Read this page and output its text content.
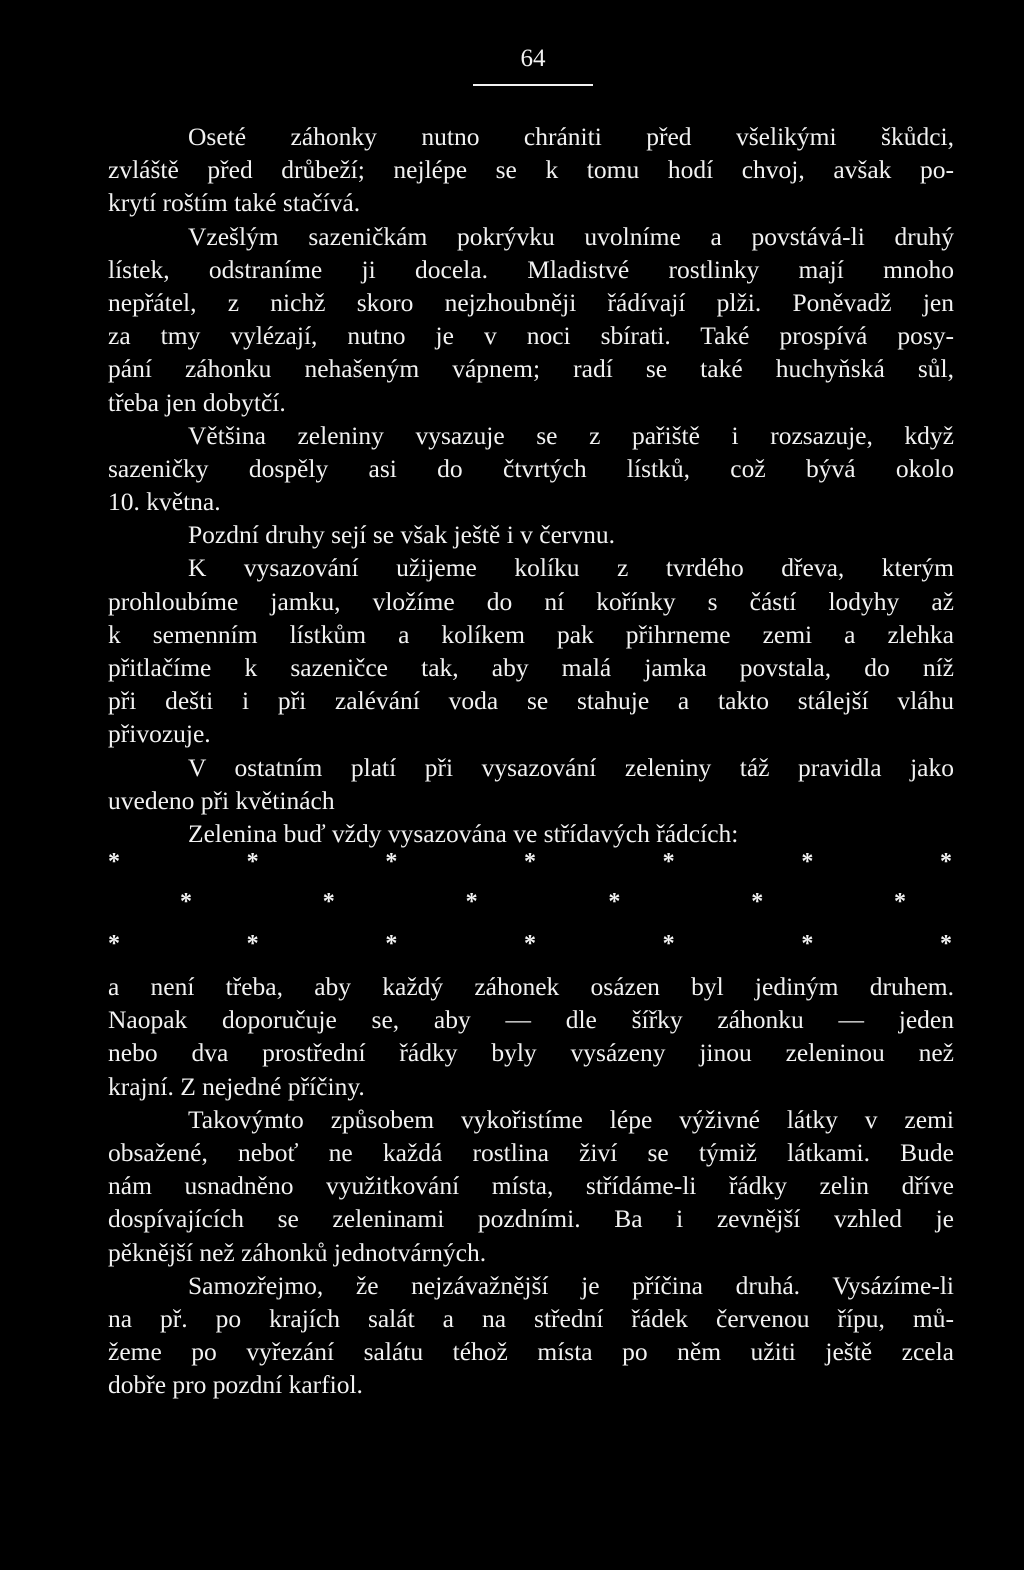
64
Oseté záhonky nutno chrániti před všelikými škůdci,
zvláště před drůbeží; nejlépe se k tomu hodí chvoj, avšak po-
krytí roštím také stačívá.
Vzešlým sazeničkám pokrývku uvolníme a povstává-li druhý
lístek, odstraníme ji docela. Mladistvé rostlinky mají mnoho
nepřátel, z nichž skoro nejzhoubněji řádívají plži. Poněvadž jen
za tmy vylézají, nutno je v noci sbírati. Také prospívá posy-
pání záhonku nehašeným vápnem; radí se také huchyňská sůl,
třeba jen dobytčí.
Většina zeleniny vysazuje se z pařiště i rozsazuje, když
sazeničky dospěly asi do čtvrtých lístků, což bývá okolo
10. května.
Pozdní druhy sejí se však ještě i v červnu.
K vysazování užijeme kolíku z tvrdého dřeva, kterým
prohloubíme jamku, vložíme do ní kořínky s částí lodyhy až
k semenním lístkům a kolíkem pak přihrneme zemi a zlehka
přitlačíme k sazeničce tak, aby malá jamka povstala, do níž
při dešti i při zalévání voda se stahuje a takto stálejší vláhu
přivozuje.
V ostatním platí při vysazování zeleniny táž pravidla jako
uvedeno při květinách
Zelenina buď vždy vysazována ve střídavých řádcích:
*	*	*	*	*	*	*
*	*	*	*	*	*
*	*	*	*	*	*	*
a není třeba, aby každý záhonek osázen byl jediným druhem.
Naopak doporučuje se, aby — dle šířky záhonku — jeden
nebo dva prostřední řádky byly vysázeny jinou zeleninou než
krajní. Z nejedné příčiny.
Takovýmto způsobem vykořistíme lépe výživné látky v zemi
obsažené, neboť ne každá rostlina živí se týmiž látkami. Bude
nám usnadněno využitkování místa, střídáme-li řádky zelin dříve
dospívajících se zeleninami pozdními. Ba i zevnější vzhled je
pěknější než záhonků jednotvárných.
Samozřejmo, že nejzávažnější je příčina druhá. Vysázíme-li
na př. po krajích salát a na střední řádek červenou řípu, mů-
žeme po vyřezání salátu téhož místa po něm užiti ještě zcela
dobře pro pozdní karfiol.
